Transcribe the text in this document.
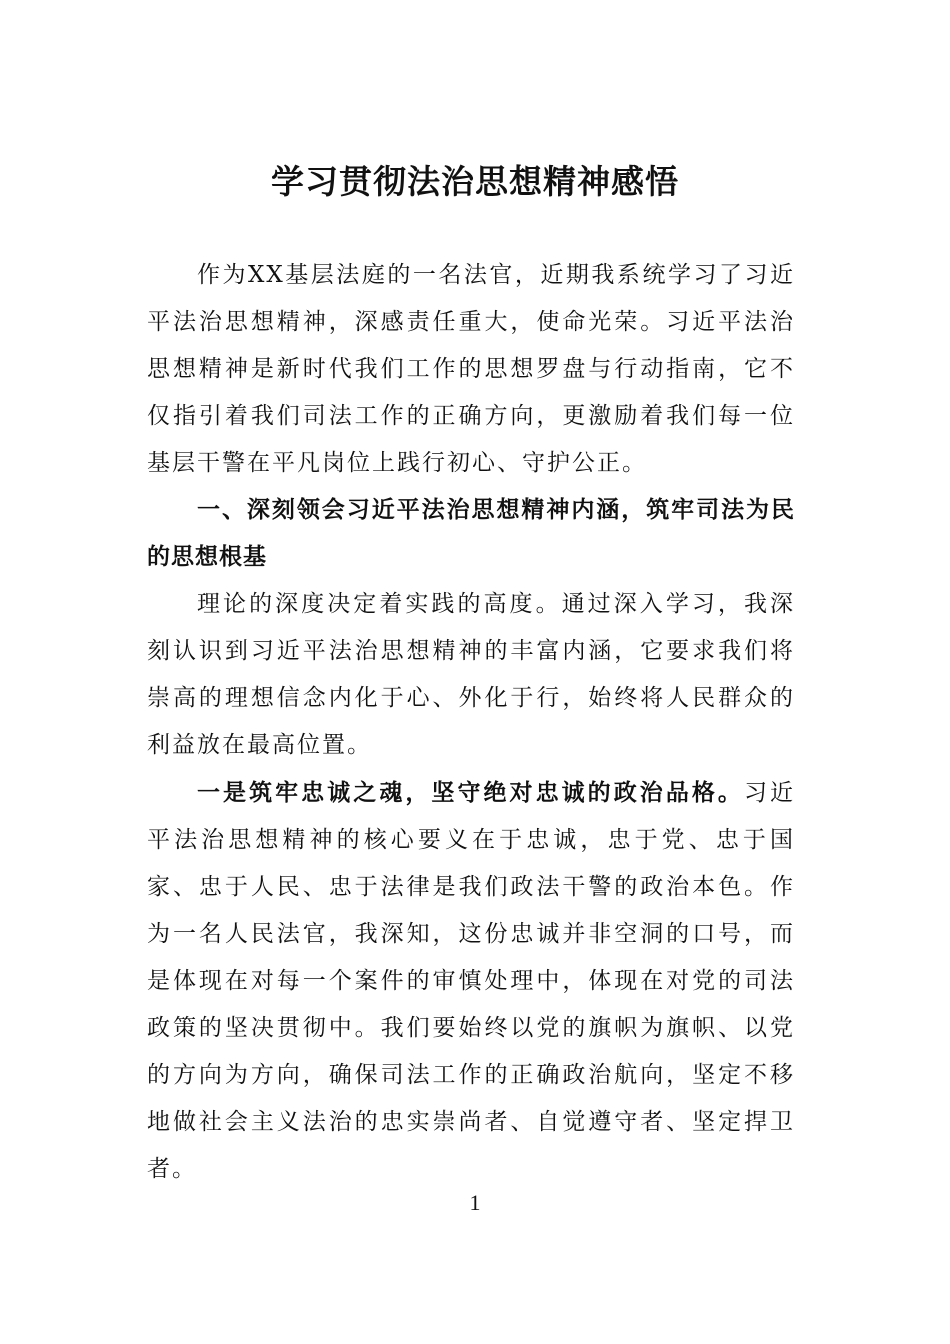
学习贯彻法治思想精神感悟

作为XX基层法庭的一名法官，近期我系统学习了习近平法治思想精神，深感责任重大，使命光荣。习近平法治思想精神是新时代我们工作的思想罗盘与行动指南，它不仅指引着我们司法工作的正确方向，更激励着我们每一位基层干警在平凡岗位上践行初心、守护公正。

一、深刻领会习近平法治思想精神内涵，筑牢司法为民的思想根基

理论的深度决定着实践的高度。通过深入学习，我深刻认识到习近平法治思想精神的丰富内涵，它要求我们将崇高的理想信念内化于心、外化于行，始终将人民群众的利益放在最高位置。

一是筑牢忠诚之魂，坚守绝对忠诚的政治品格。习近平法治思想精神的核心要义在于忠诚，忠于党、忠于国家、忠于人民、忠于法律是我们政法干警的政治本色。作为一名人民法官，我深知，这份忠诚并非空洞的口号，而是体现在对每一个案件的审慎处理中，体现在对党的司法政策的坚决贯彻中。我们要始终以党的旗帜为旗帜、以党的方向为方向，确保司法工作的正确政治航向，坚定不移地做社会主义法治的忠实崇尚者、自觉遵守者、坚定捍卫者。

1
